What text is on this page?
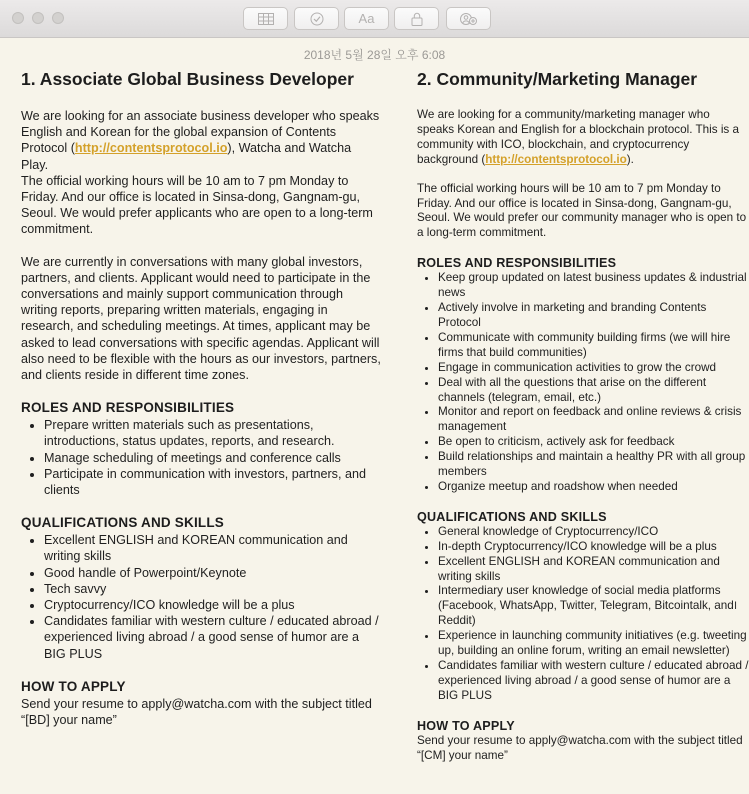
Aa
2018년 5월 28일 오후 6:08
1. Associate Global Business Developer

We are looking for an associate business developer who speaks English and Korean for the global expansion of Contents Protocol (http://contentsprotocol.io), Watcha and Watcha Play.

The official working hours will be 10 am to 7 pm Monday to Friday. And our office is located in Sinsa-dong, Gangnam-gu, Seoul. We would prefer applicants who are open to a long-term commitment.

We are currently in conversations with many global investors, partners, and clients. Applicant would need to participate in the conversations and mainly support communication through writing reports, preparing written materials, engaging in research, and scheduling meetings. At times, applicant may be asked to lead conversations with specific agendas. Applicant will also need to be flexible with the hours as our investors, partners, and clients reside in different time zones.

ROLES AND RESPONSIBILITIES
• Prepare written materials such as presentations, introductions, status updates, reports, and research.
• Manage scheduling of meetings and conference calls
• Participate in communication with investors, partners, and clients
QUALIFICATIONS AND SKILLS
• Excellent ENGLISH and KOREAN communication and writing skills
• Good handle of Powerpoint/Keynote
• Tech savvy
• Cryptocurrency/ICO knowledge will be a plus
• Candidates familiar with western culture / educated abroad / experienced living abroad / a good sense of humor are a BIG PLUS
HOW TO APPLY

Send your resume to apply@watcha.com with the subject titled “[BD] your name”

2. Community/Marketing Manager

We are looking for a community/marketing manager who speaks Korean and English for a blockchain protocol. This is a community with ICO, blockchain, and cryptocurrency background (http://contentsprotocol.io).

The official working hours will be 10 am to 7 pm Monday to Friday. And our office is located in Sinsa-dong, Gangnam-gu, Seoul. We would prefer our community manager who is open to a long-term commitment.

ROLES AND RESPONSIBILITIES
• Keep group updated on latest business updates & industrial news
• Actively involve in marketing and branding Contents Protocol
• Communicate with community building firms (we will hire firms that build communities)
• Engage in communication activities to grow the crowd
• Deal with all the questions that arise on the different channels (telegram, email, etc.)
• Monitor and report on feedback and online reviews & crisis management
• Be open to criticism, actively ask for feedback
• Build relationships and maintain a healthy PR with all group members
• Organize meetup and roadshow when needed
QUALIFICATIONS AND SKILLS
• General knowledge of Cryptocurrency/ICO
• In-depth Cryptocurrency/ICO knowledge will be a plus
• Excellent ENGLISH and KOREAN communication and writing skills
• Intermediary user knowledge of social media platforms (Facebook, WhatsApp, Twitter, Telegram, Bitcointalk, and Reddit)
• Experience in launching community initiatives (e.g. tweeting up, building an online forum, writing an email newsletter)
• Candidates familiar with western culture / educated abroad / experienced living abroad / a good sense of humor are a BIG PLUS
HOW TO APPLY

Send your resume to apply@watcha.com with the subject titled “[CM] your name”

I
